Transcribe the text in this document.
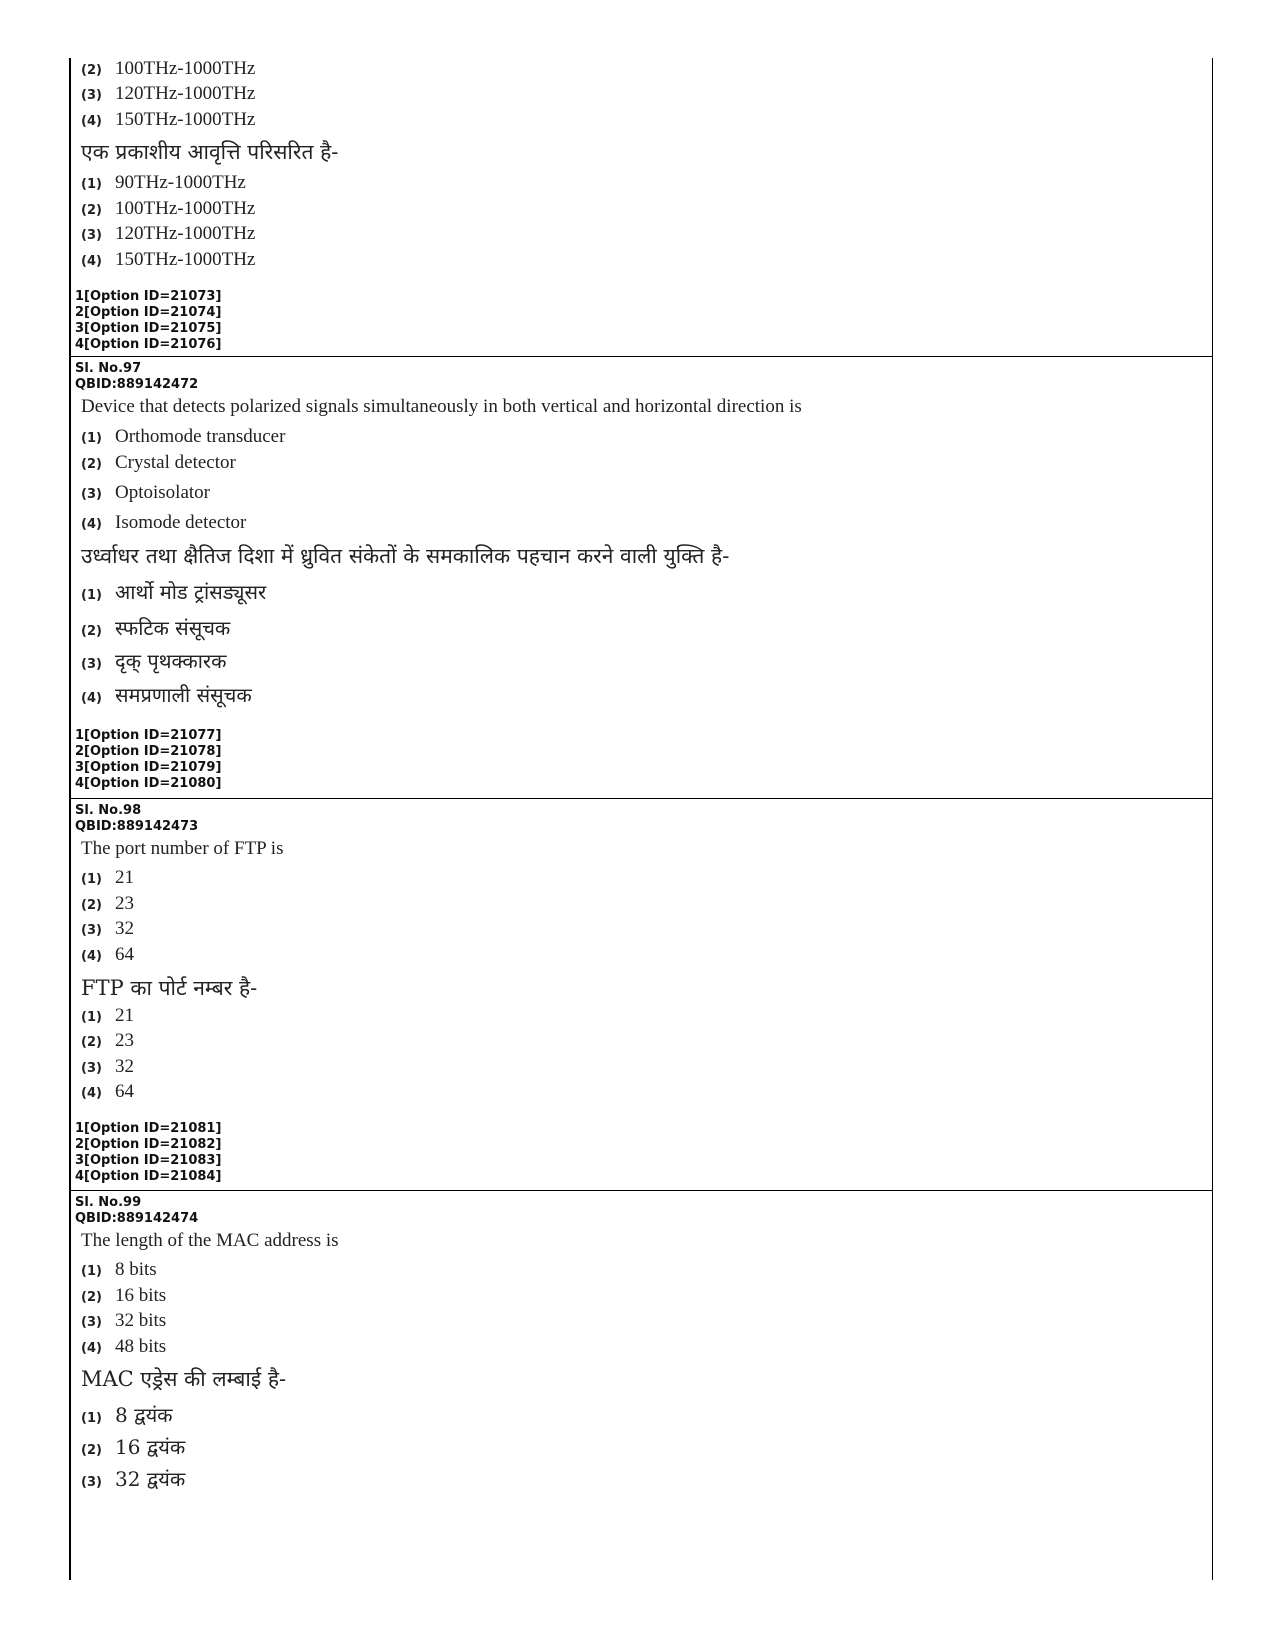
(2) 100THz-1000THz
(3) 120THz-1000THz
(4) 150THz-1000THz

एक प्रकाशीय आवृत्ति परिसरित है-

(1) 90THz-1000THz
(2) 100THz-1000THz
(3) 120THz-1000THz
(4) 150THz-1000THz
1[Option ID=21073]
2[Option ID=21074]
3[Option ID=21075]
4[Option ID=21076]
Sl. No.97
QBID:889142472

Device that detects polarized signals simultaneously in both vertical and horizontal direction is

(1) Orthomode transducer
(2) Crystal detector
(3) Optoisolator
(4) Isomode detector

उर्ध्वाधर तथा क्षैतिज दिशा में ध्रुवित संकेतों के समकालिक पहचान करने वाली युक्ति है-

(1) आर्थो मोड ट्रांसड्यूसर
(2) स्फटिक संसूचक
(3) दृक् पृथक्कारक
(4) समप्रणाली संसूचक
1[Option ID=21077]
2[Option ID=21078]
3[Option ID=21079]
4[Option ID=21080]
Sl. No.98
QBID:889142473

The port number of FTP is

(1) 21
(2) 23
(3) 32
(4) 64

FTP का पोर्ट नम्बर है-

(1) 21
(2) 23
(3) 32
(4) 64
1[Option ID=21081]
2[Option ID=21082]
3[Option ID=21083]
4[Option ID=21084]
Sl. No.99
QBID:889142474

The length of the MAC address is

(1) 8 bits
(2) 16 bits
(3) 32 bits
(4) 48 bits

MAC एड्रेस की लम्बाई है-

(1) 8 द्वयंक
(2) 16 द्वयंक
(3) 32 द्वयंक
